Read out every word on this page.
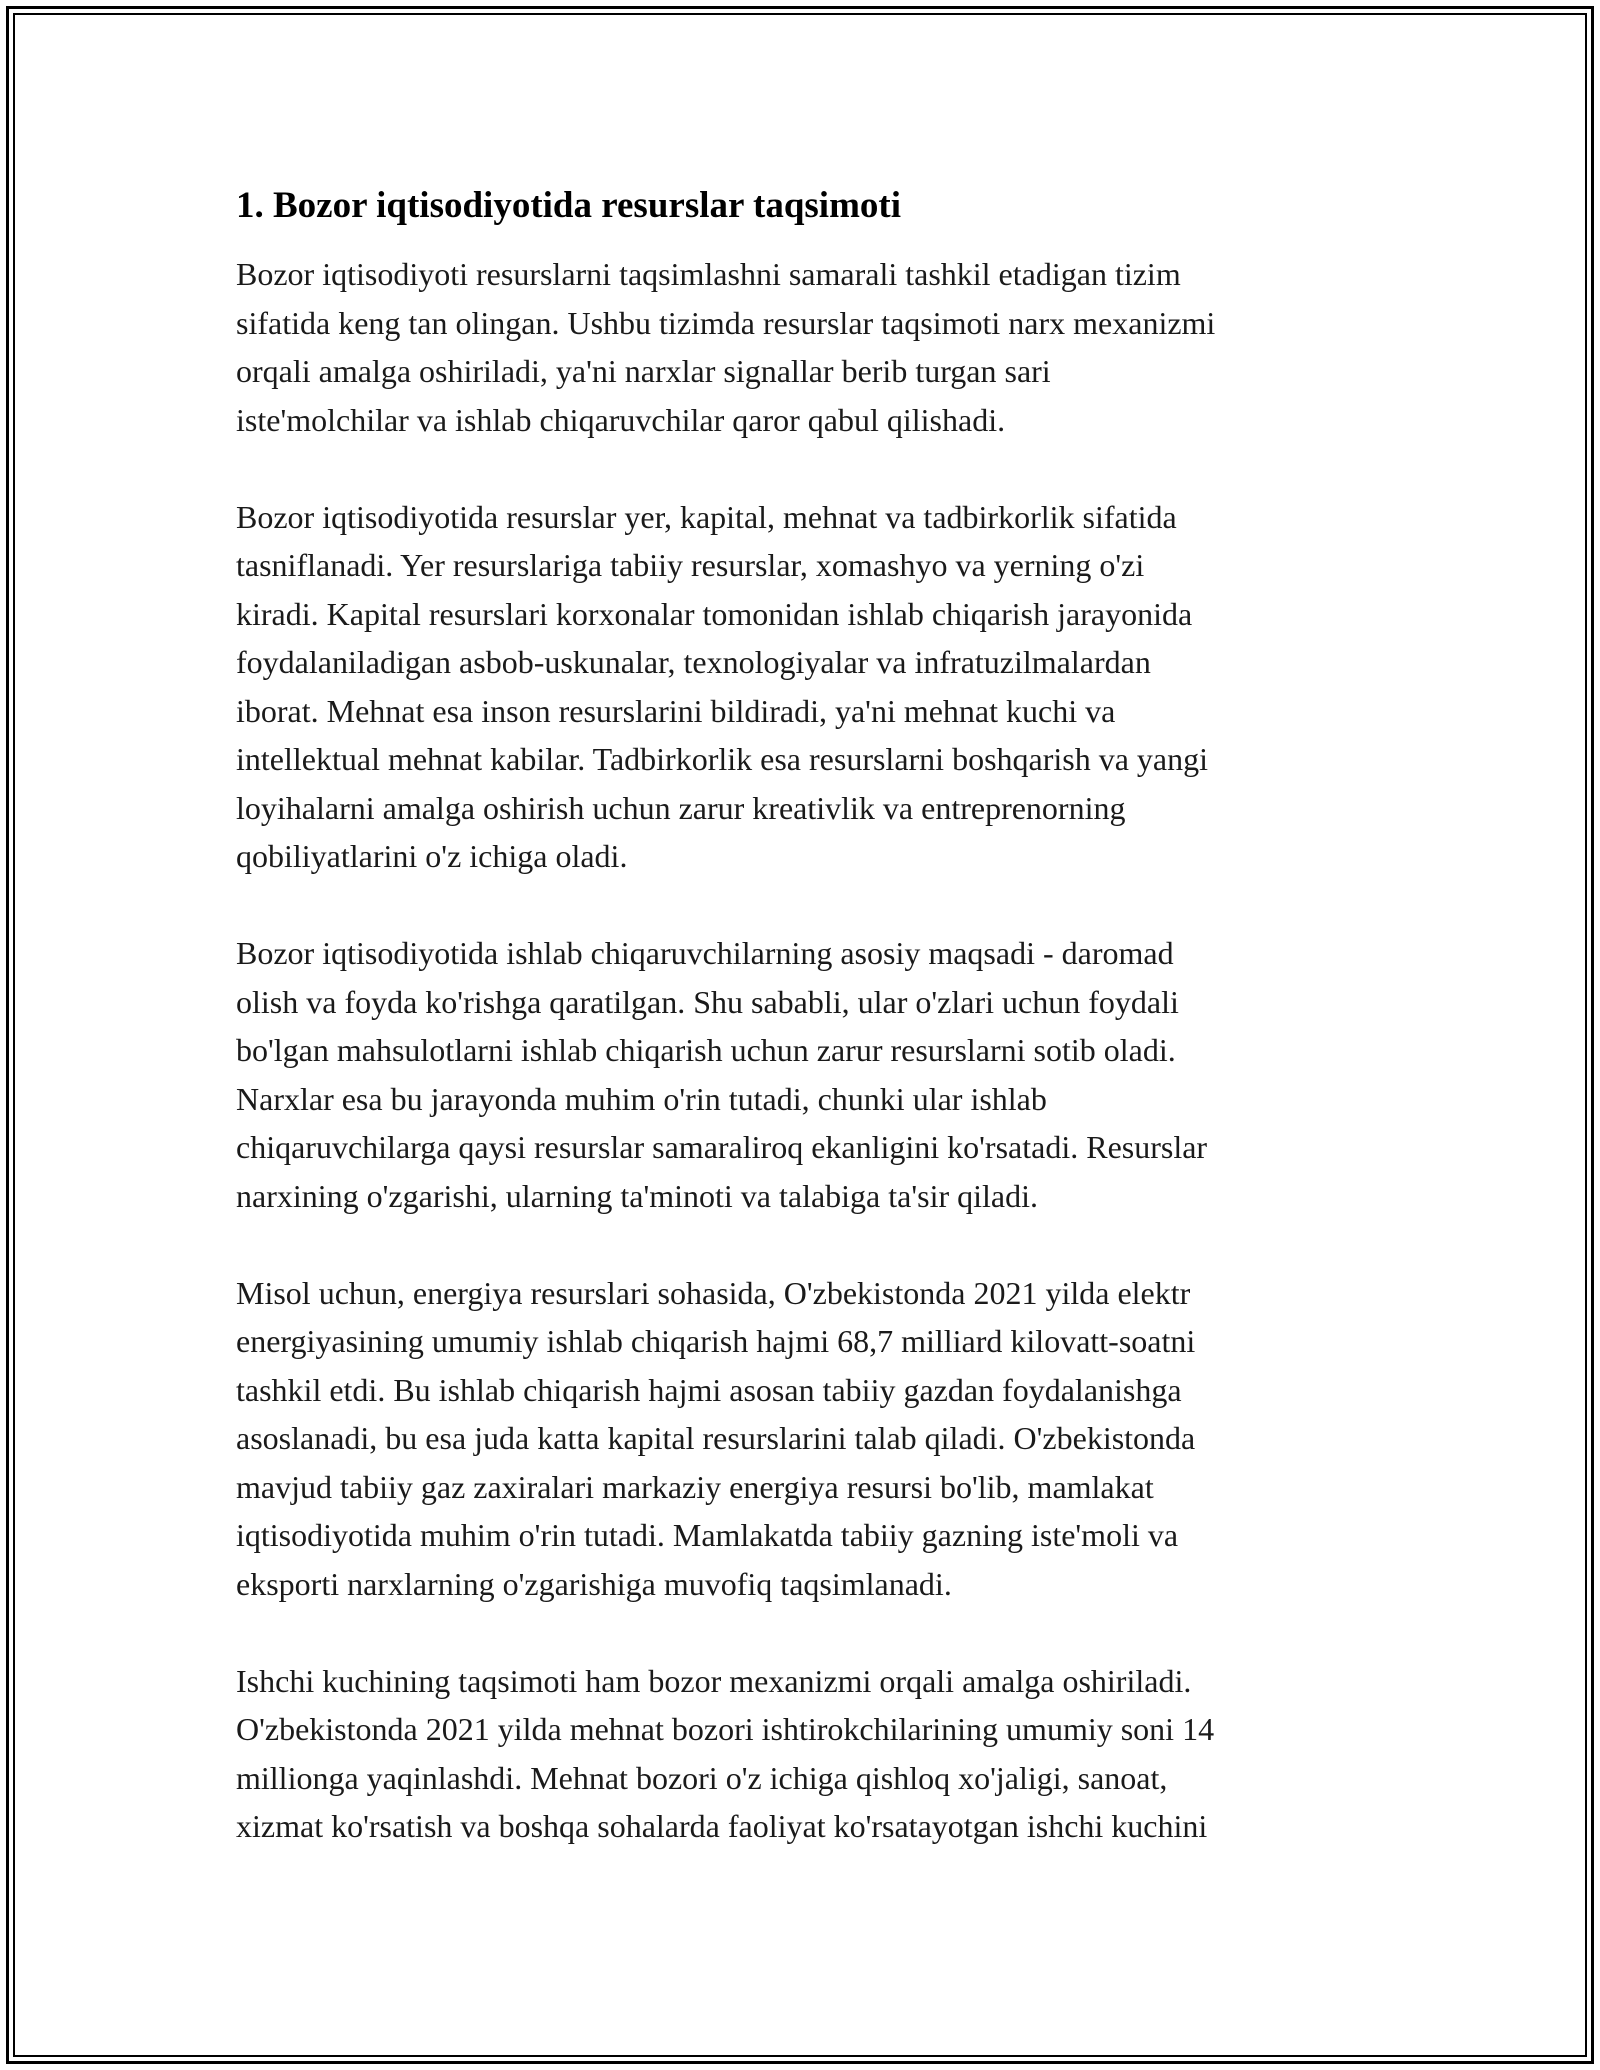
1. Bozor iqtisodiyotida resurslar taqsimoti

Bozor iqtisodiyoti resurslarni taqsimlashni samarali tashkil etadigan tizim
sifatida keng tan olingan. Ushbu tizimda resurslar taqsimoti narx mexanizmi
orqali amalga oshiriladi, ya'ni narxlar signallar berib turgan sari
iste'molchilar va ishlab chiqaruvchilar qaror qabul qilishadi.

Bozor iqtisodiyotida resurslar yer, kapital, mehnat va tadbirkorlik sifatida
tasniflanadi. Yer resurslariga tabiiy resurslar, xomashyo va yerning o'zi
kiradi. Kapital resurslari korxonalar tomonidan ishlab chiqarish jarayonida
foydalaniladigan asbob-uskunalar, texnologiyalar va infratuzilmalardan
iborat. Mehnat esa inson resurslarini bildiradi, ya'ni mehnat kuchi va
intellektual mehnat kabilar. Tadbirkorlik esa resurslarni boshqarish va yangi
loyihalarni amalga oshirish uchun zarur kreativlik va entreprenorning
qobiliyatlarini o'z ichiga oladi.

Bozor iqtisodiyotida ishlab chiqaruvchilarning asosiy maqsadi - daromad
olish va foyda ko'rishga qaratilgan. Shu sababli, ular o'zlari uchun foydali
bo'lgan mahsulotlarni ishlab chiqarish uchun zarur resurslarni sotib oladi.
Narxlar esa bu jarayonda muhim o'rin tutadi, chunki ular ishlab
chiqaruvchilarga qaysi resurslar samaraliroq ekanligini ko'rsatadi. Resurslar
narxining o'zgarishi, ularning ta'minoti va talabiga ta'sir qiladi.

Misol uchun, energiya resurslari sohasida, O'zbekistonda 2021 yilda elektr
energiyasining umumiy ishlab chiqarish hajmi 68,7 milliard kilovatt-soatni
tashkil etdi. Bu ishlab chiqarish hajmi asosan tabiiy gazdan foydalanishga
asoslanadi, bu esa juda katta kapital resurslarini talab qiladi. O'zbekistonda
mavjud tabiiy gaz zaxiralari markaziy energiya resursi bo'lib, mamlakat
iqtisodiyotida muhim o'rin tutadi. Mamlakatda tabiiy gazning iste'moli va
eksporti narxlarning o'zgarishiga muvofiq taqsimlanadi.

Ishchi kuchining taqsimoti ham bozor mexanizmi orqali amalga oshiriladi.
O'zbekistonda 2021 yilda mehnat bozori ishtirokchilarining umumiy soni 14
millionga yaqinlashdi. Mehnat bozori o'z ichiga qishloq xo'jaligi, sanoat,
xizmat ko'rsatish va boshqa sohalarda faoliyat ko'rsatayotgan ishchi kuchini
